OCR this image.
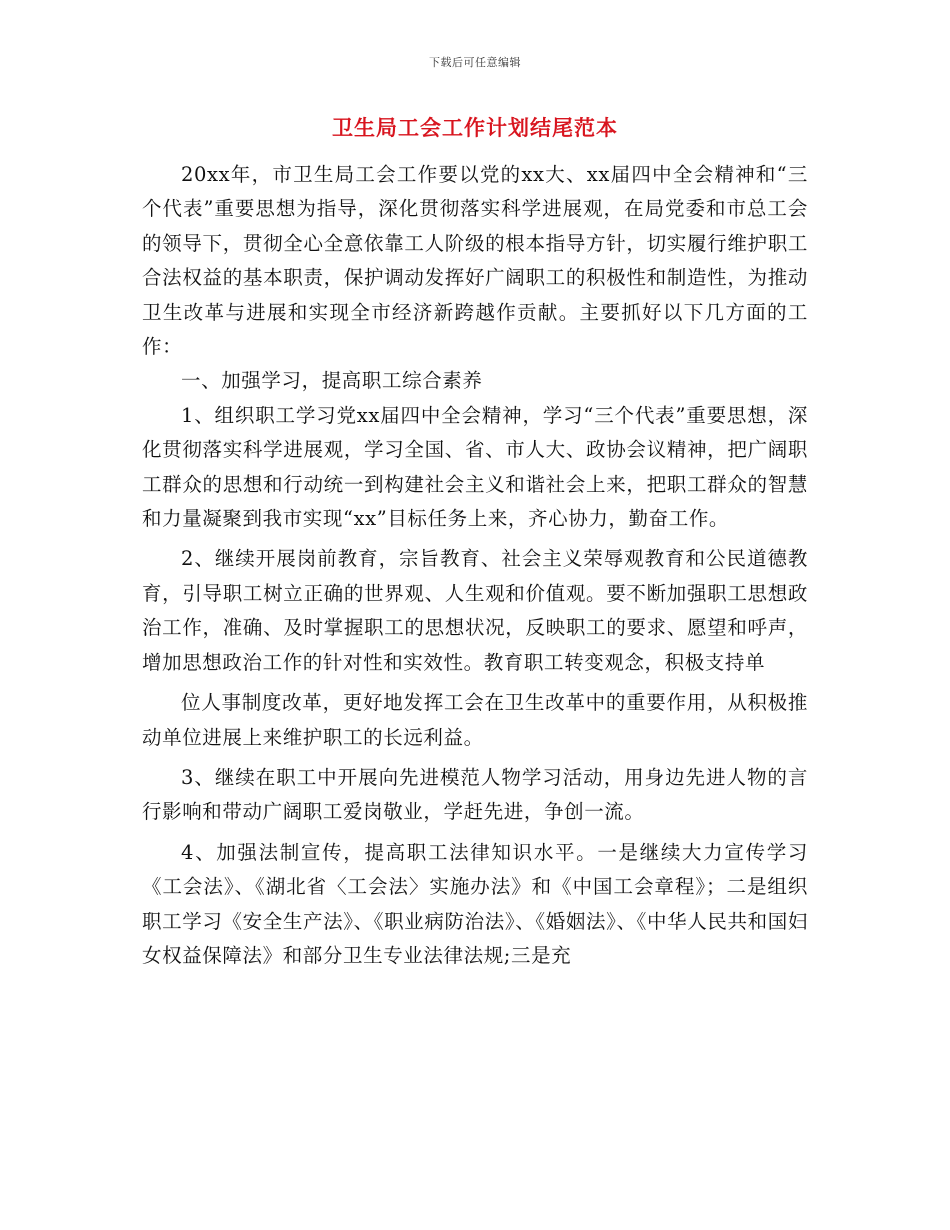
下载后可任意编辑
卫生局工会工作计划结尾范本

20xx年，市卫生局工会工作要以党的xx大、xx届四中全会精神和“三个代表”重要思想为指导，深化贯彻落实科学进展观，在局党委和市总工会的领导下，贯彻全心全意依靠工人阶级的根本指导方针，切实履行维护职工合法权益的基本职责，保护调动发挥好广阔职工的积极性和制造性，为推动卫生改革与进展和实现全市经济新跨越作贡献。主要抓好以下几方面的工作：

一、加强学习，提高职工综合素养

1、组织职工学习党xx届四中全会精神，学习“三个代表”重要思想，深化贯彻落实科学进展观，学习全国、省、市人大、政协会议精神，把广阔职工群众的思想和行动统一到构建社会主义和谐社会上来，把职工群众的智慧和力量凝聚到我市实现“xx”目标任务上来，齐心协力，勤奋工作。

2、继续开展岗前教育，宗旨教育、社会主义荣辱观教育和公民道德教育，引导职工树立正确的世界观、人生观和价值观。要不断加强职工思想政治工作，准确、及时掌握职工的思想状况，反映职工的要求、愿望和呼声，增加思想政治工作的针对性和实效性。教育职工转变观念，积极支持单

位人事制度改革，更好地发挥工会在卫生改革中的重要作用，从积极推动单位进展上来维护职工的长远利益。

3、继续在职工中开展向先进模范人物学习活动，用身边先进人物的言行影响和带动广阔职工爱岗敬业，学赶先进，争创一流。

4、加强法制宣传，提高职工法律知识水平。一是继续大力宣传学习《工会法》、《湖北省〈工会法〉实施办法》和《中国工会章程》；二是组织职工学习《安全生产法》、《职业病防治法》、《婚姻法》、《中华人民共和国妇女权益保障法》和部分卫生专业法律法规;三是充
